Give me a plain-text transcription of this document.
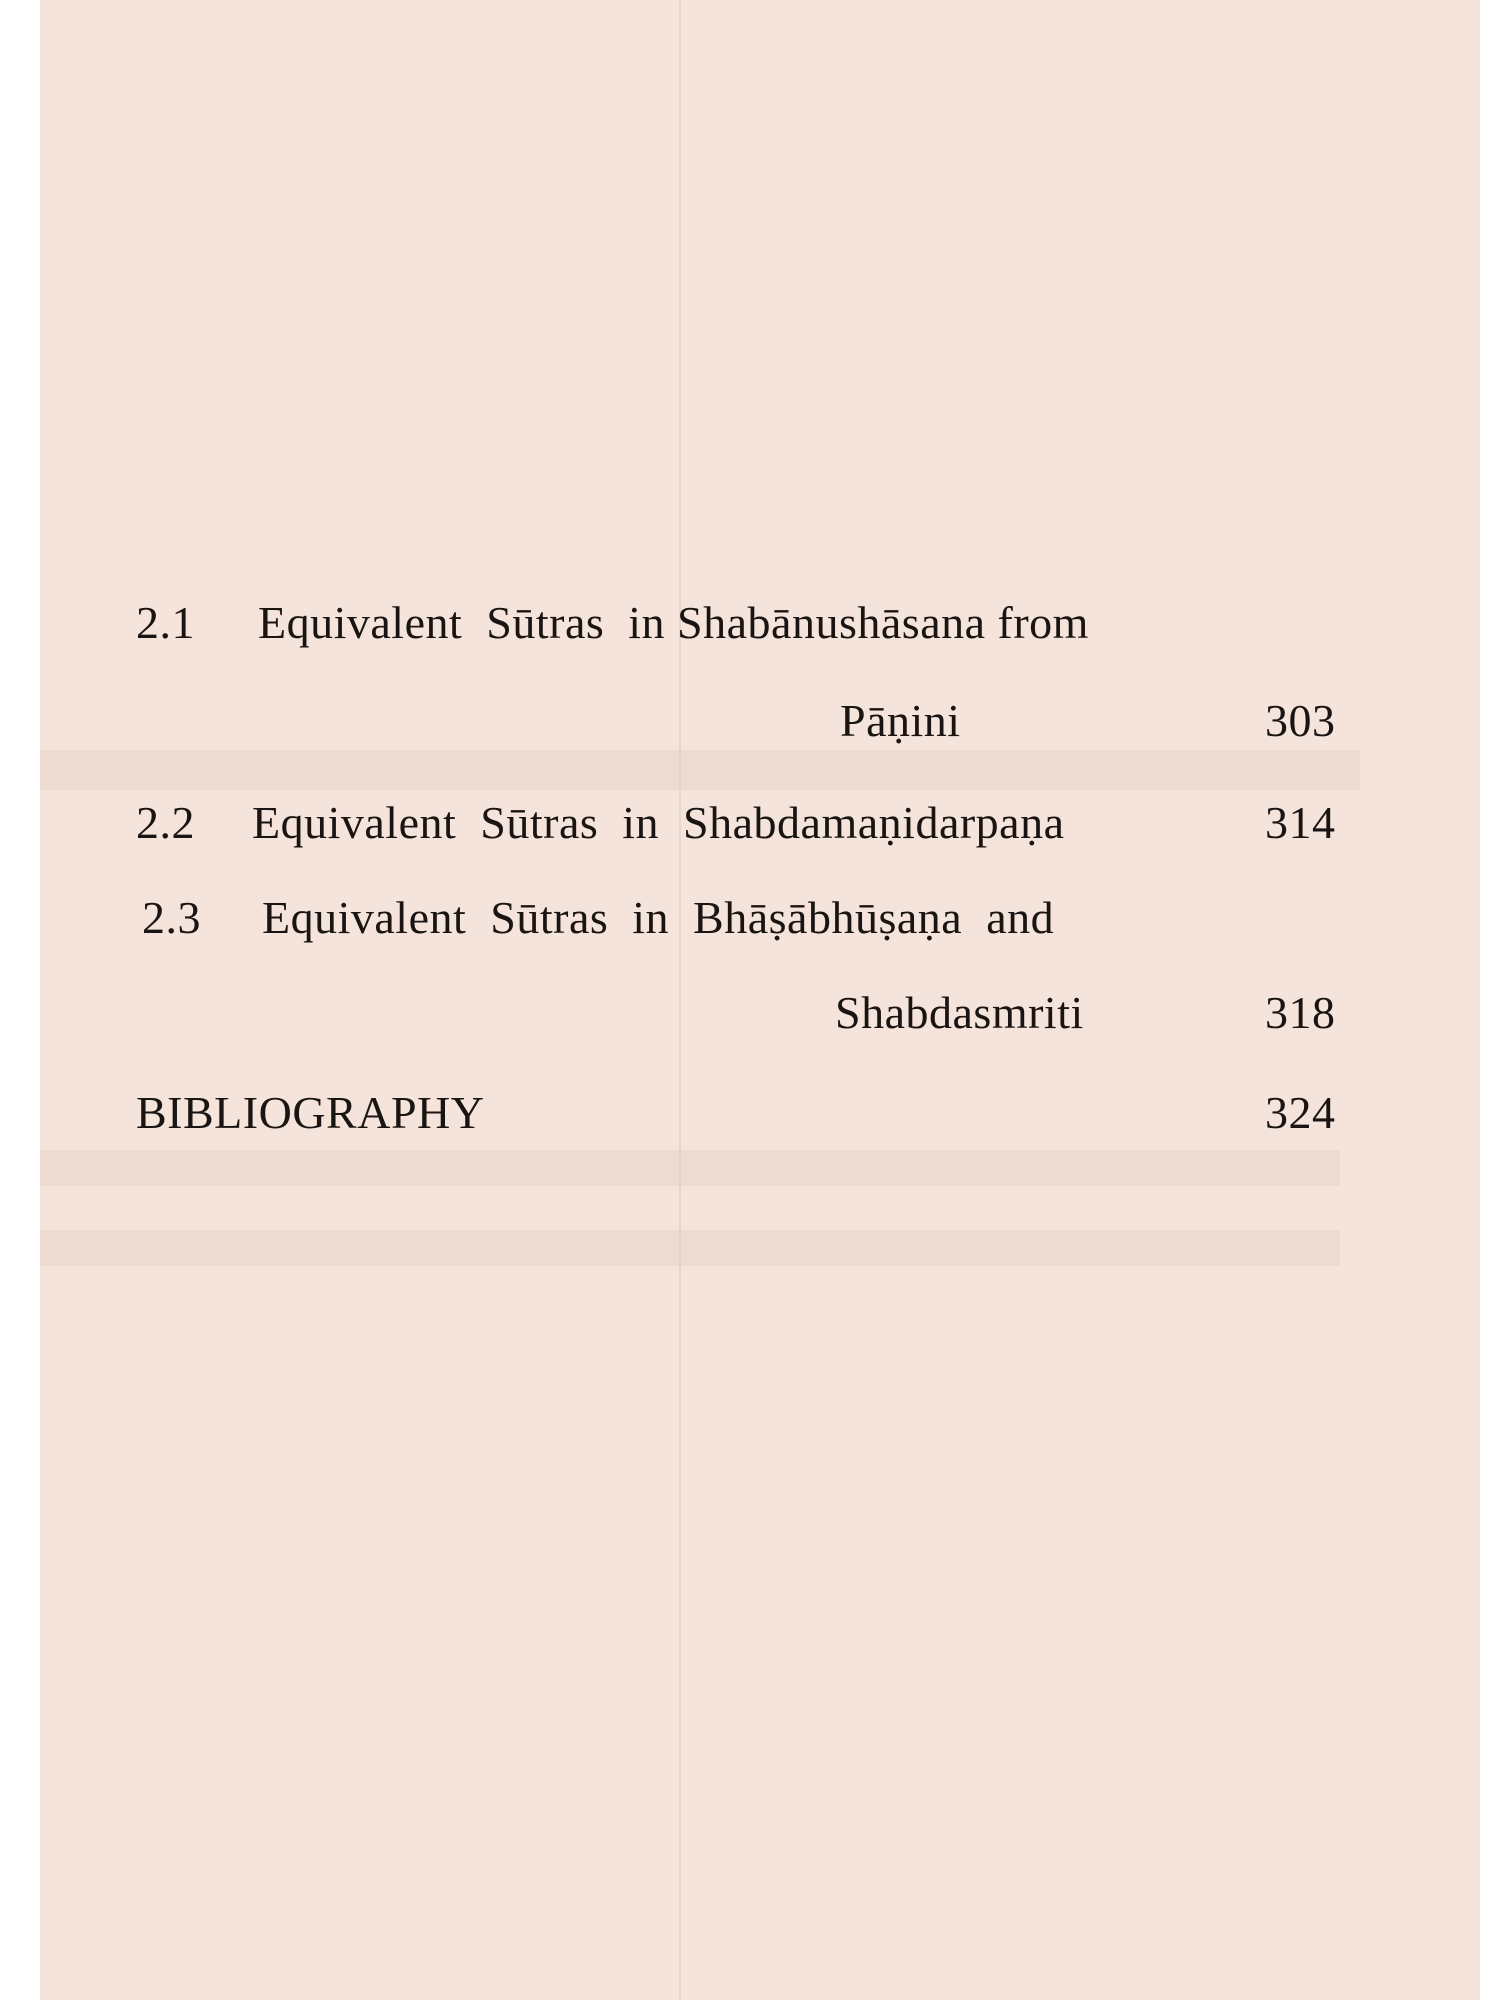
2.1 Equivalent  Sūtras  in Shabānushāsana from
Pāṇini	303
2.2 Equivalent  Sūtras  in  Shabdamaṇidarpaṇa	314
2.3 Equivalent  Sūtras  in  Bhāṣābhūṣaṇa  and
Shabdasmriti	318
BIBLIOGRAPHY	324
